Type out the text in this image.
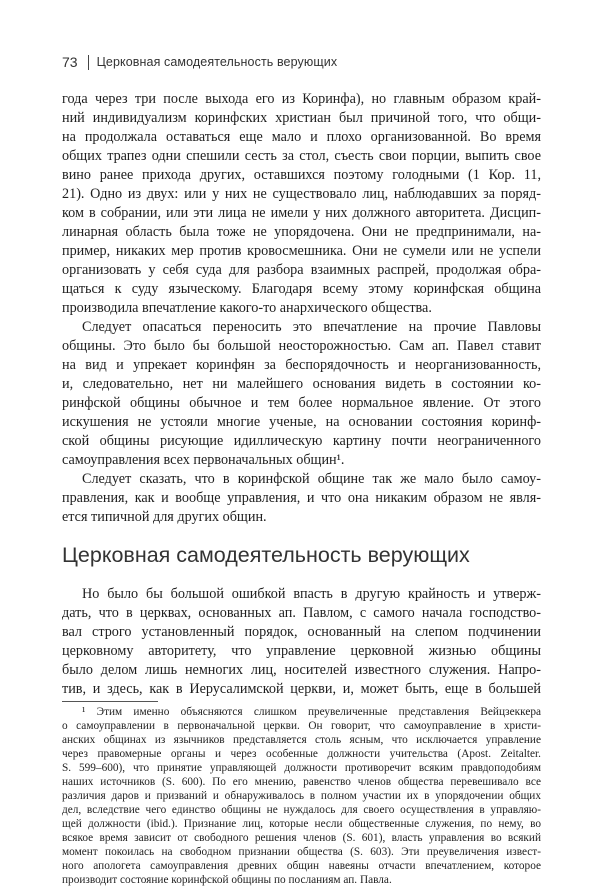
73 Церковная самодеятельность верующих
года через три после выхода его из Коринфа), но главным образом край-
ний индивидуализм коринфских христиан был причиной того, что общи-
на продолжала оставаться еще мало и плохо организованной. Во время
общих трапез одни спешили сесть за стол, съесть свои порции, выпить свое
вино ранее прихода других, оставшихся поэтому голодными (1 Кор. 11,
21). Одно из двух: или у них не существовало лиц, наблюдавших за поряд-
ком в собрании, или эти лица не имели у них должного авторитета. Дисцип-
линарная область была тоже не упорядочена. Они не предпринимали, на-
пример, никаких мер против кровосмешника. Они не сумели или не успели
организовать у себя суда для разбора взаимных распрей, продолжая обра-
щаться к суду языческому. Благодаря всему этому коринфская община
производила впечатление какого-то анархического общества.
Следует опасаться переносить это впечатление на прочие Павловы
общины. Это было бы большой неосторожностью. Сам ап. Павел ставит
на вид и упрекает коринфян за беспорядочность и неорганизованность,
и, следовательно, нет ни малейшего основания видеть в состоянии ко-
ринфской общины обычное и тем более нормальное явление. От этого
искушения не устояли многие ученые, на основании состояния коринф-
ской общины рисующие идиллическую картину почти неограниченного
самоуправления всех первоначальных общин¹.
Следует сказать, что в коринфской общине так же мало было самоу-
правления, как и вообще управления, и что она никаким образом не явля-
ется типичной для других общин.
Церковная самодеятельность верующих
Но было бы большой ошибкой впасть в другую крайность и утверж-
дать, что в церквах, основанных ап. Павлом, с самого начала господство-
вал строго установленный порядок, основанный на слепом подчинении
церковному авторитету, что управление церковной жизнью общины
было делом лишь немногих лиц, носителей известного служения. Напро-
тив, и здесь, как в Иерусалимской церкви, и, может быть, еще в большей
¹ Этим именно объясняются слишком преувеличенные представления Вейцзеккера
о самоуправлении в первоначальной церкви. Он говорит, что самоуправление в христи-
анских общинах из язычников представляется столь ясным, что исключается управление
через правомерные органы и через особенные должности учительства (Apost. Zeitalter.
S. 599–600), что принятие управляющей должности противоречит всяким правдоподобиям
наших источников (S. 600). По его мнению, равенство членов общества перевешивало все
различия даров и призваний и обнаруживалось в полном участии их в упорядочении общих
дел, вследствие чего единство общины не нуждалось для своего осуществления в управляю-
щей должности (ibid.). Признание лиц, которые несли общественные служения, по нему, во
всякое время зависит от свободного решения членов (S. 601), власть управления во всякий
момент покоилась на свободном признании общества (S. 603). Эти преувеличения извест-
ного апологета самоуправления древних общин навеяны отчасти впечатлением, которое
производит состояние коринфской общины по посланиям ап. Павла.
